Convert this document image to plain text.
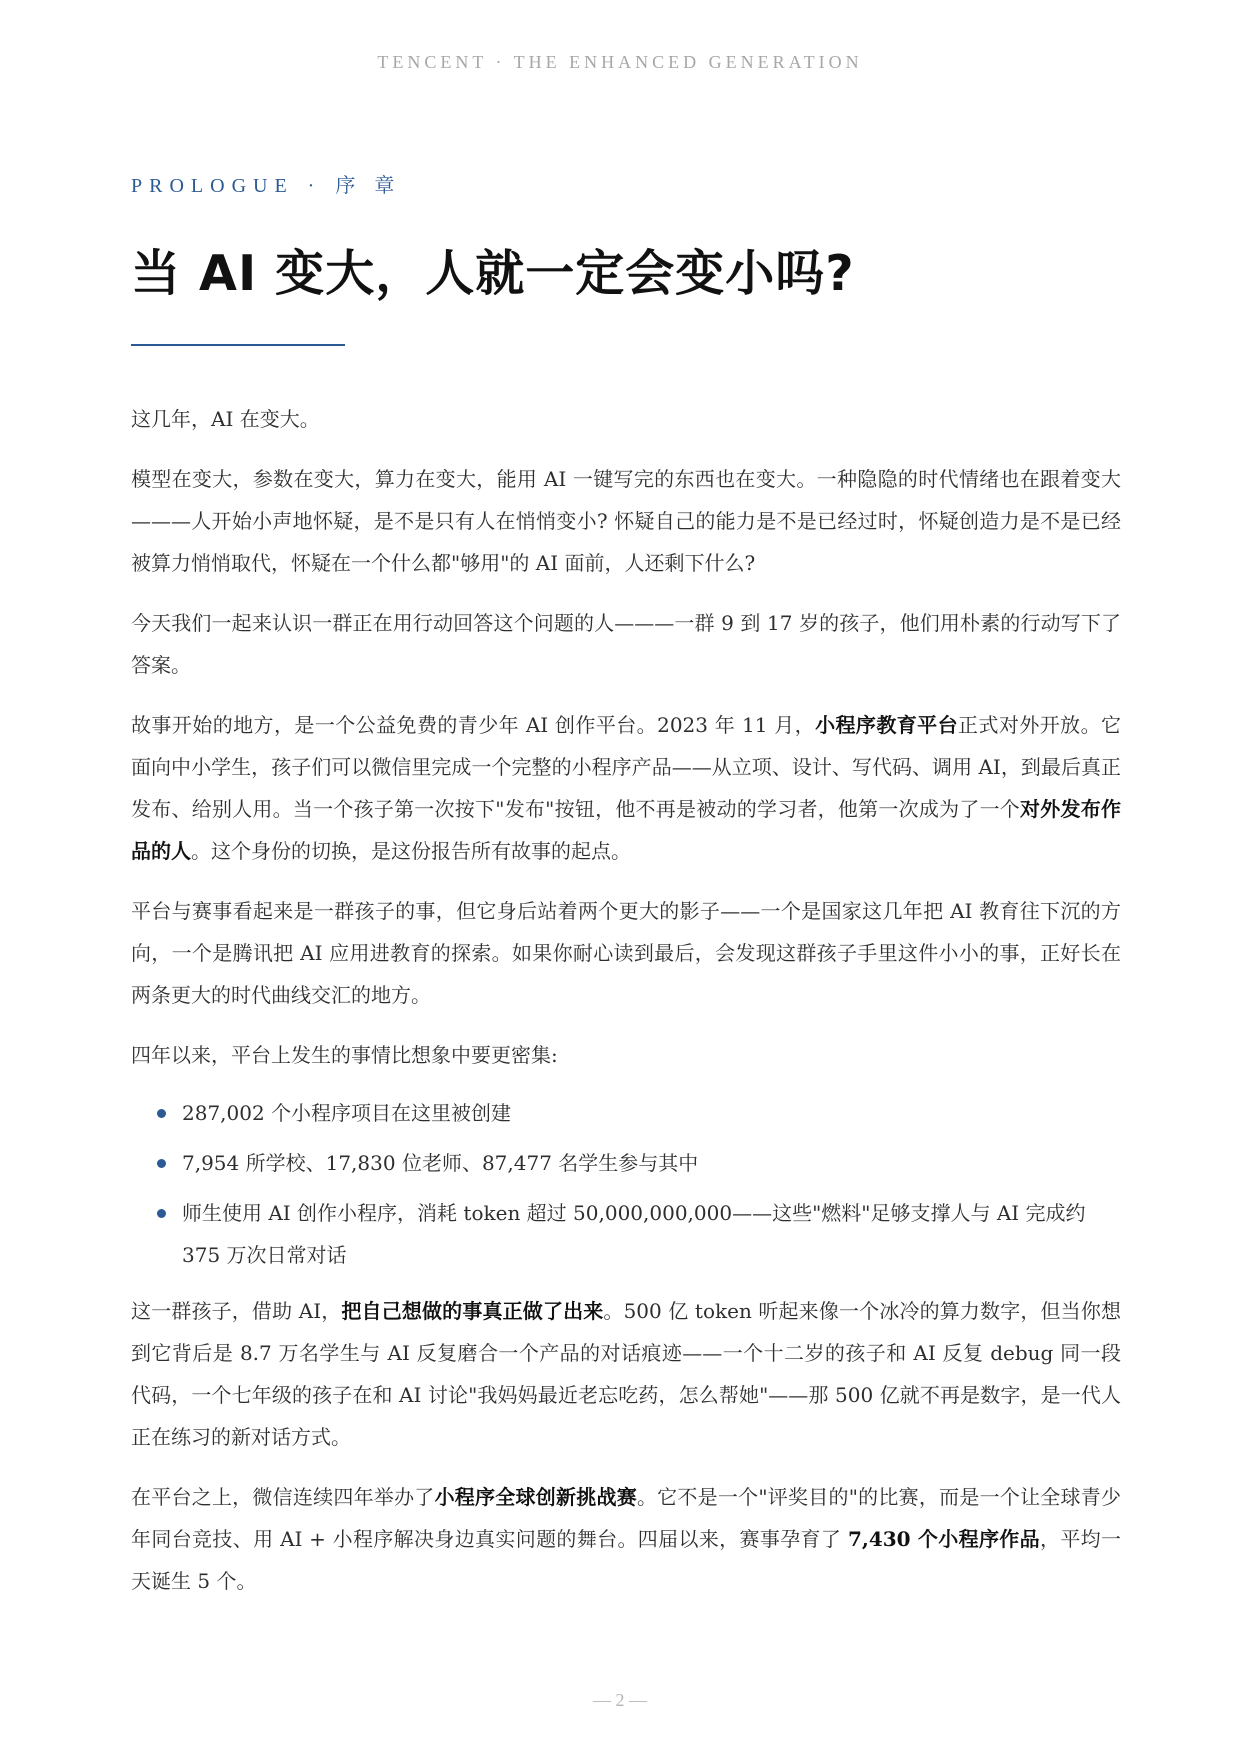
TENCENT · THE ENHANCED GENERATION
PROLOGUE · 序 章
当 AI 变大，人就一定会变小吗?

这几年，AI 在变大。

模型在变大，参数在变大，算力在变大，能用 AI 一键写完的东西也在变大。一种隐隐的时代情绪也在跟着变大———人开始小声地怀疑，是不是只有人在悄悄变小? 怀疑自己的能力是不是已经过时，怀疑创造力是不是已经被算力悄悄取代，怀疑在一个什么都"够用"的 AI 面前，人还剩下什么?

今天我们一起来认识一群正在用行动回答这个问题的人———一群 9 到 17 岁的孩子，他们用朴素的行动写下了答案。

故事开始的地方，是一个公益免费的青少年 AI 创作平台。2023 年 11 月，小程序教育平台正式对外开放。它面向中小学生，孩子们可以微信里完成一个完整的小程序产品——从立项、设计、写代码、调用 AI，到最后真正发布、给别人用。当一个孩子第一次按下"发布"按钮，他不再是被动的学习者，他第一次成为了一个对外发布作品的人。这个身份的切换，是这份报告所有故事的起点。

平台与赛事看起来是一群孩子的事，但它身后站着两个更大的影子——一个是国家这几年把 AI 教育往下沉的方向，一个是腾讯把 AI 应用进教育的探索。如果你耐心读到最后，会发现这群孩子手里这件小小的事，正好长在两条更大的时代曲线交汇的地方。

四年以来，平台上发生的事情比想象中要更密集:

287,002 个小程序项目在这里被创建
7,954 所学校、17,830 位老师、87,477 名学生参与其中
师生使用 AI 创作小程序，消耗 token 超过 50,000,000,000——这些"燃料"足够支撑人与 AI 完成约 375 万次日常对话

这一群孩子，借助 AI，把自己想做的事真正做了出来。500 亿 token 听起来像一个冰冷的算力数字，但当你想到它背后是 8.7 万名学生与 AI 反复磨合一个产品的对话痕迹——一个十二岁的孩子和 AI 反复 debug 同一段代码，一个七年级的孩子在和 AI 讨论"我妈妈最近老忘吃药，怎么帮她"——那 500 亿就不再是数字，是一代人正在练习的新对话方式。

在平台之上，微信连续四年举办了小程序全球创新挑战赛。它不是一个"评奖目的"的比赛，而是一个让全球青少年同台竞技、用 AI + 小程序解决身边真实问题的舞台。四届以来，赛事孕育了 7,430 个小程序作品，平均一天诞生 5 个。

— 2 —
